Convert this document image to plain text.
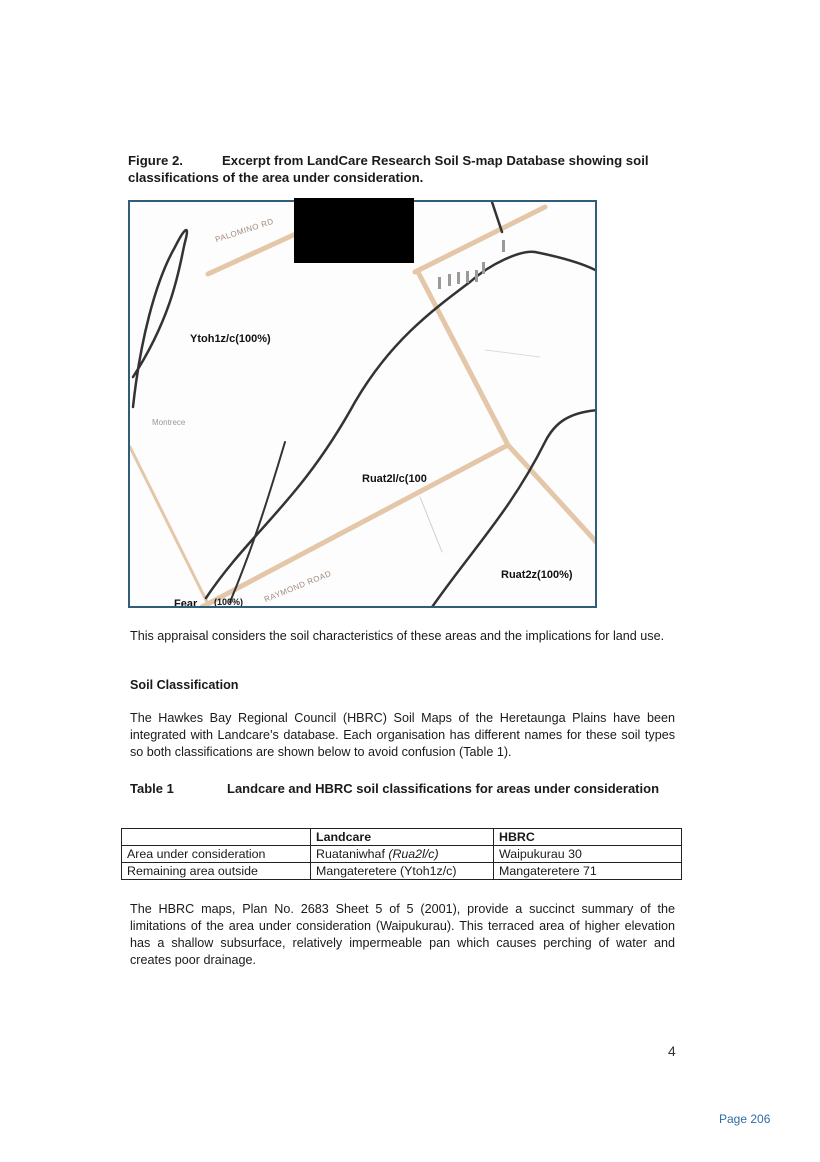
Figure 2.	Excerpt from LandCare Research Soil S-map Database showing soil classifications of the area under consideration.
PALOMINO RD
RAYMOND ROAD
Montrece
Ytoh1z/c(100%)
Ruat2l/c(100
Ruat2z(100%)
Fear (100%)
This appraisal considers the soil characteristics of these areas and the implications for land use.
Soil Classification
The Hawkes Bay Regional Council (HBRC) Soil Maps of the Heretaunga Plains have been integrated with Landcare's database. Each organisation has different names for these soil types so both classifications are shown below to avoid confusion (Table 1).
Table 1	Landcare and HBRC soil classifications for areas under consideration
	Landcare	HBRC
Area under consideration	Ruataniwhaf (Rua2l/c)	Waipukurau 30
Remaining area outside	Mangateretere (Ytoh1z/c)	Mangateretere 71
The HBRC maps, Plan No. 2683 Sheet 5 of 5 (2001), provide a succinct summary of the limitations of the area under consideration (Waipukurau). This terraced area of higher elevation has a shallow subsurface, relatively impermeable pan which causes perching of water and creates poor drainage.
4
Page 206
